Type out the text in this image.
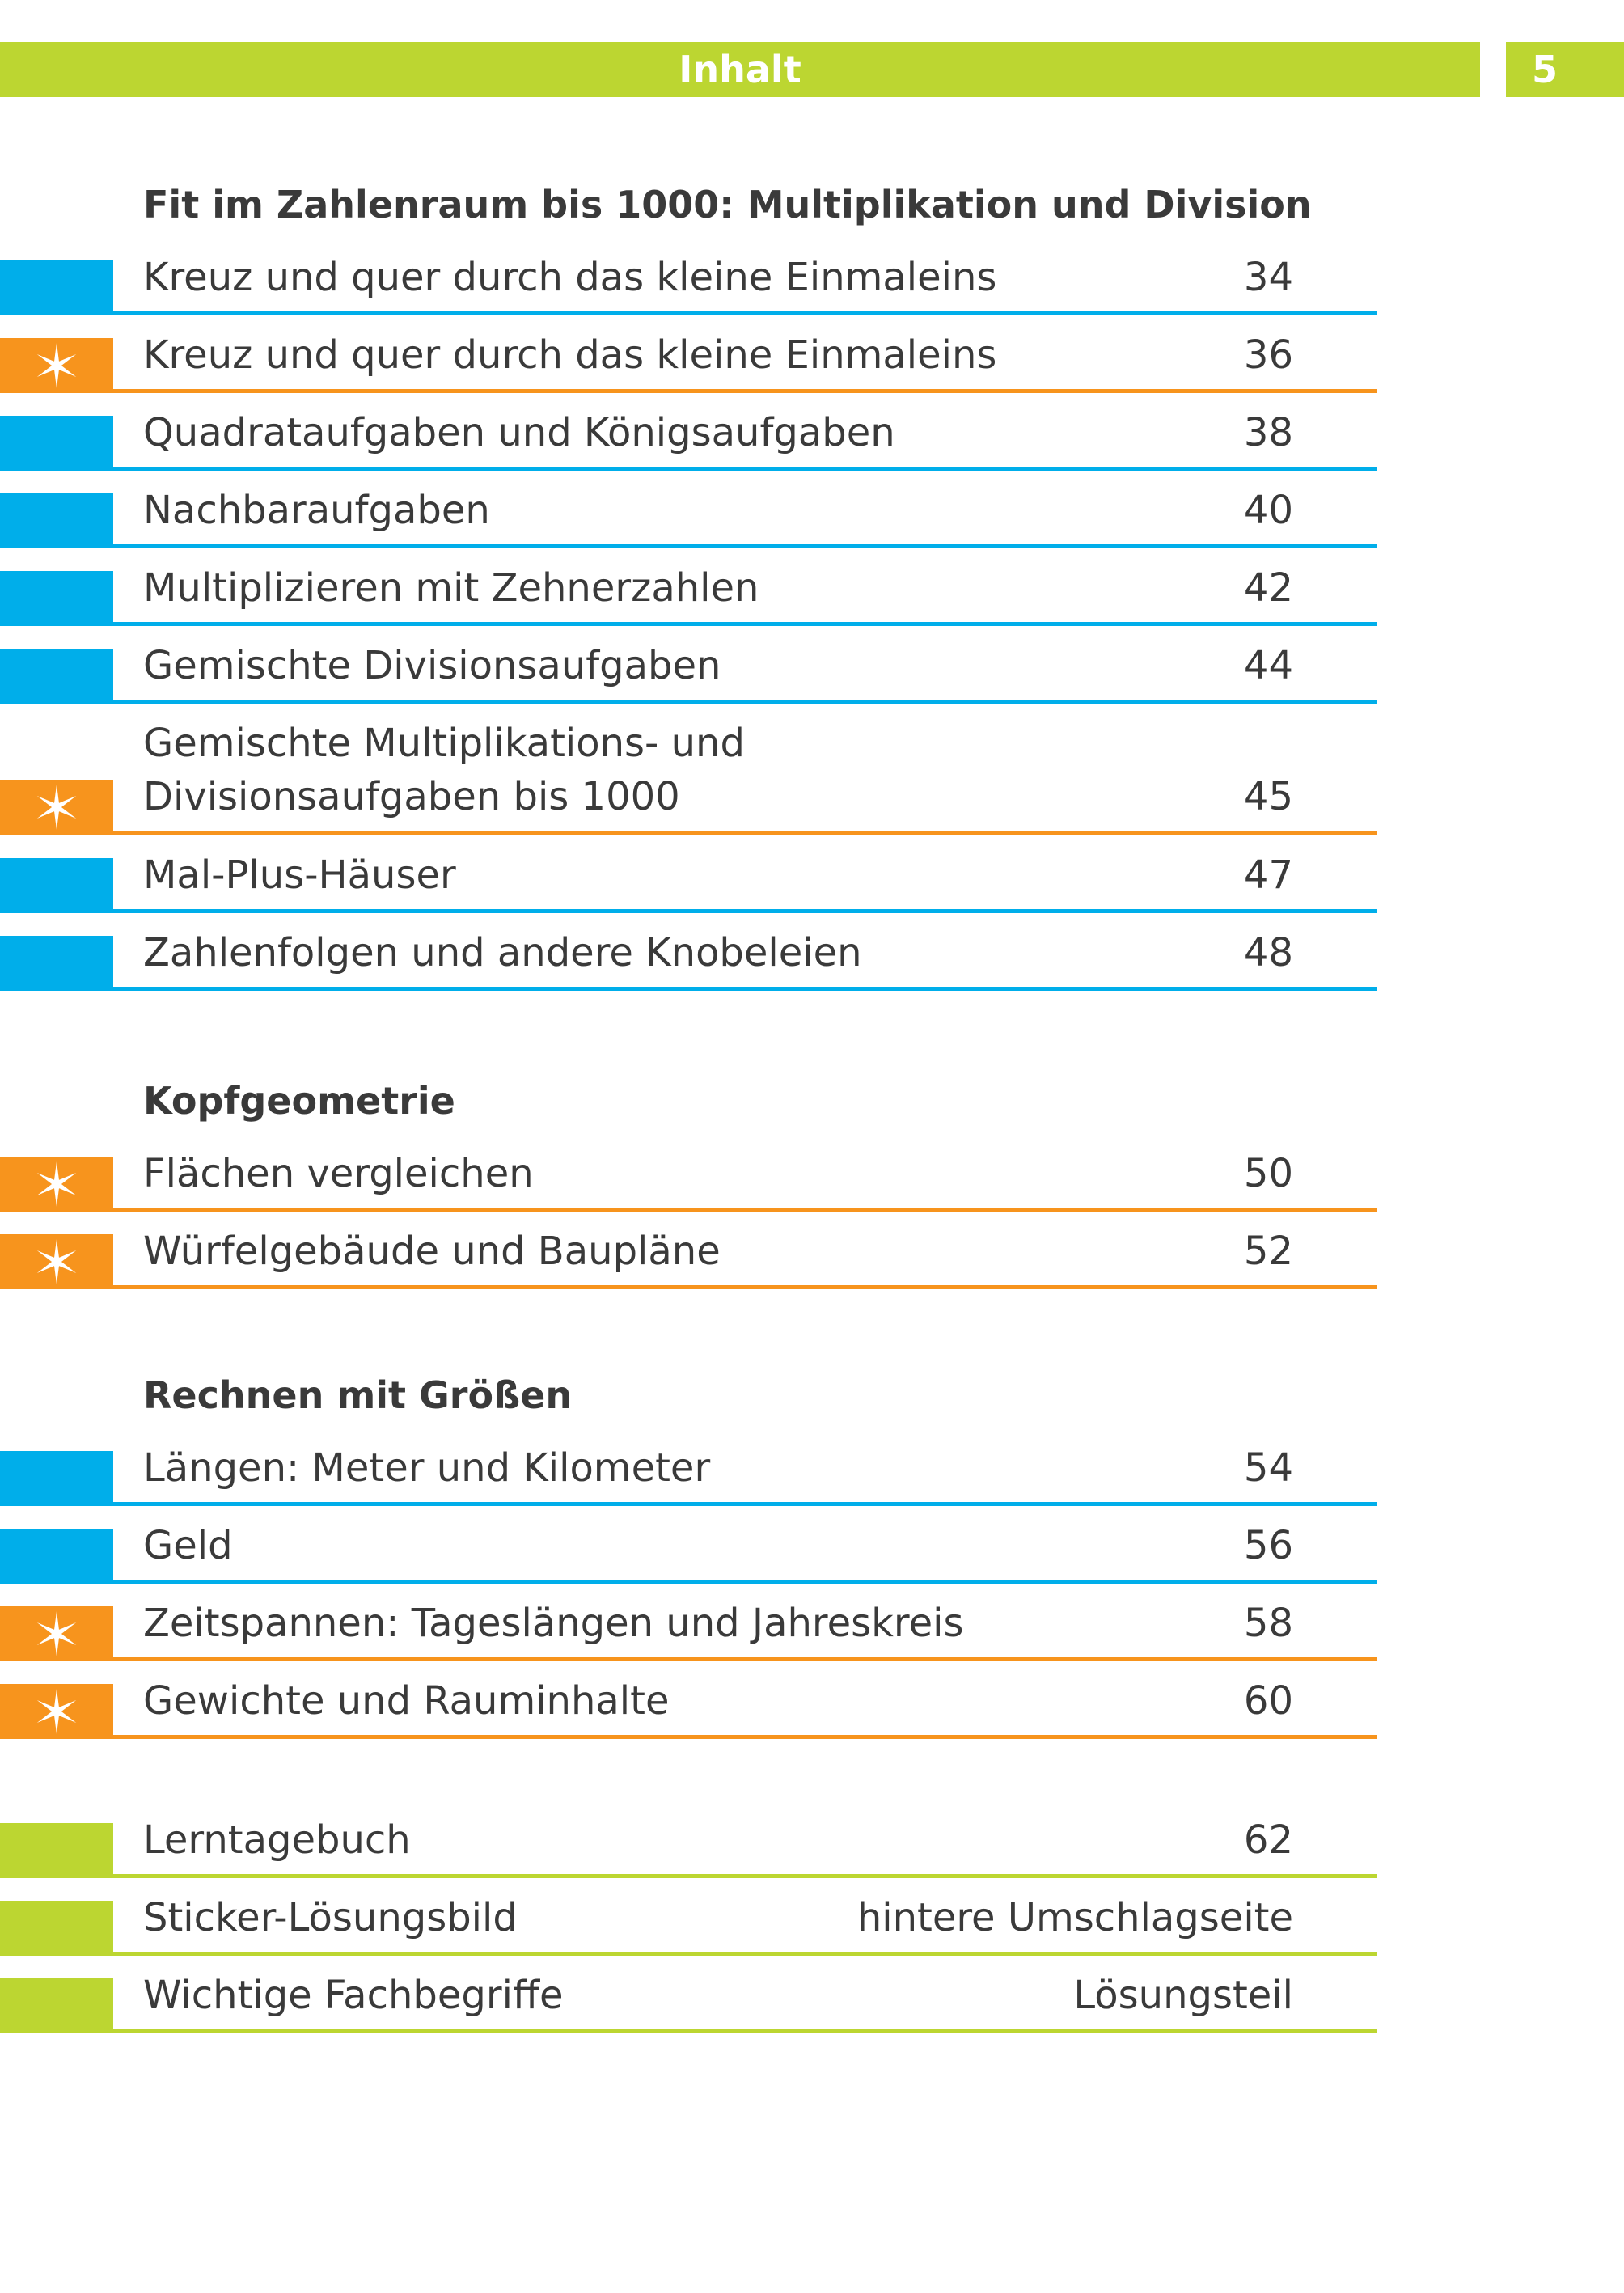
Inhalt	5
Fit im Zahlenraum bis 1000: Multiplikation und Division
Kreuz und quer durch das kleine Einmaleins	34
Kreuz und quer durch das kleine Einmaleins	36
Quadrataufgaben und Königsaufgaben	38
Nachbaraufgaben	40
Multiplizieren mit Zehnerzahlen	42
Gemischte Divisionsaufgaben	44
Gemischte Multiplikations- und
Divisionsaufgaben bis 1000	45
Mal-Plus-Häuser	47
Zahlenfolgen und andere Knobeleien	48
Kopfgeometrie
Flächen vergleichen	50
Würfelgebäude und Baupläne	52
Rechnen mit Größen
Längen: Meter und Kilometer	54
Geld	56
Zeitspannen: Tageslängen und Jahreskreis	58
Gewichte und Rauminhalte	60
Lerntagebuch	62
Sticker-Lösungsbild	hintere Umschlagseite
Wichtige Fachbegriffe	Lösungsteil
